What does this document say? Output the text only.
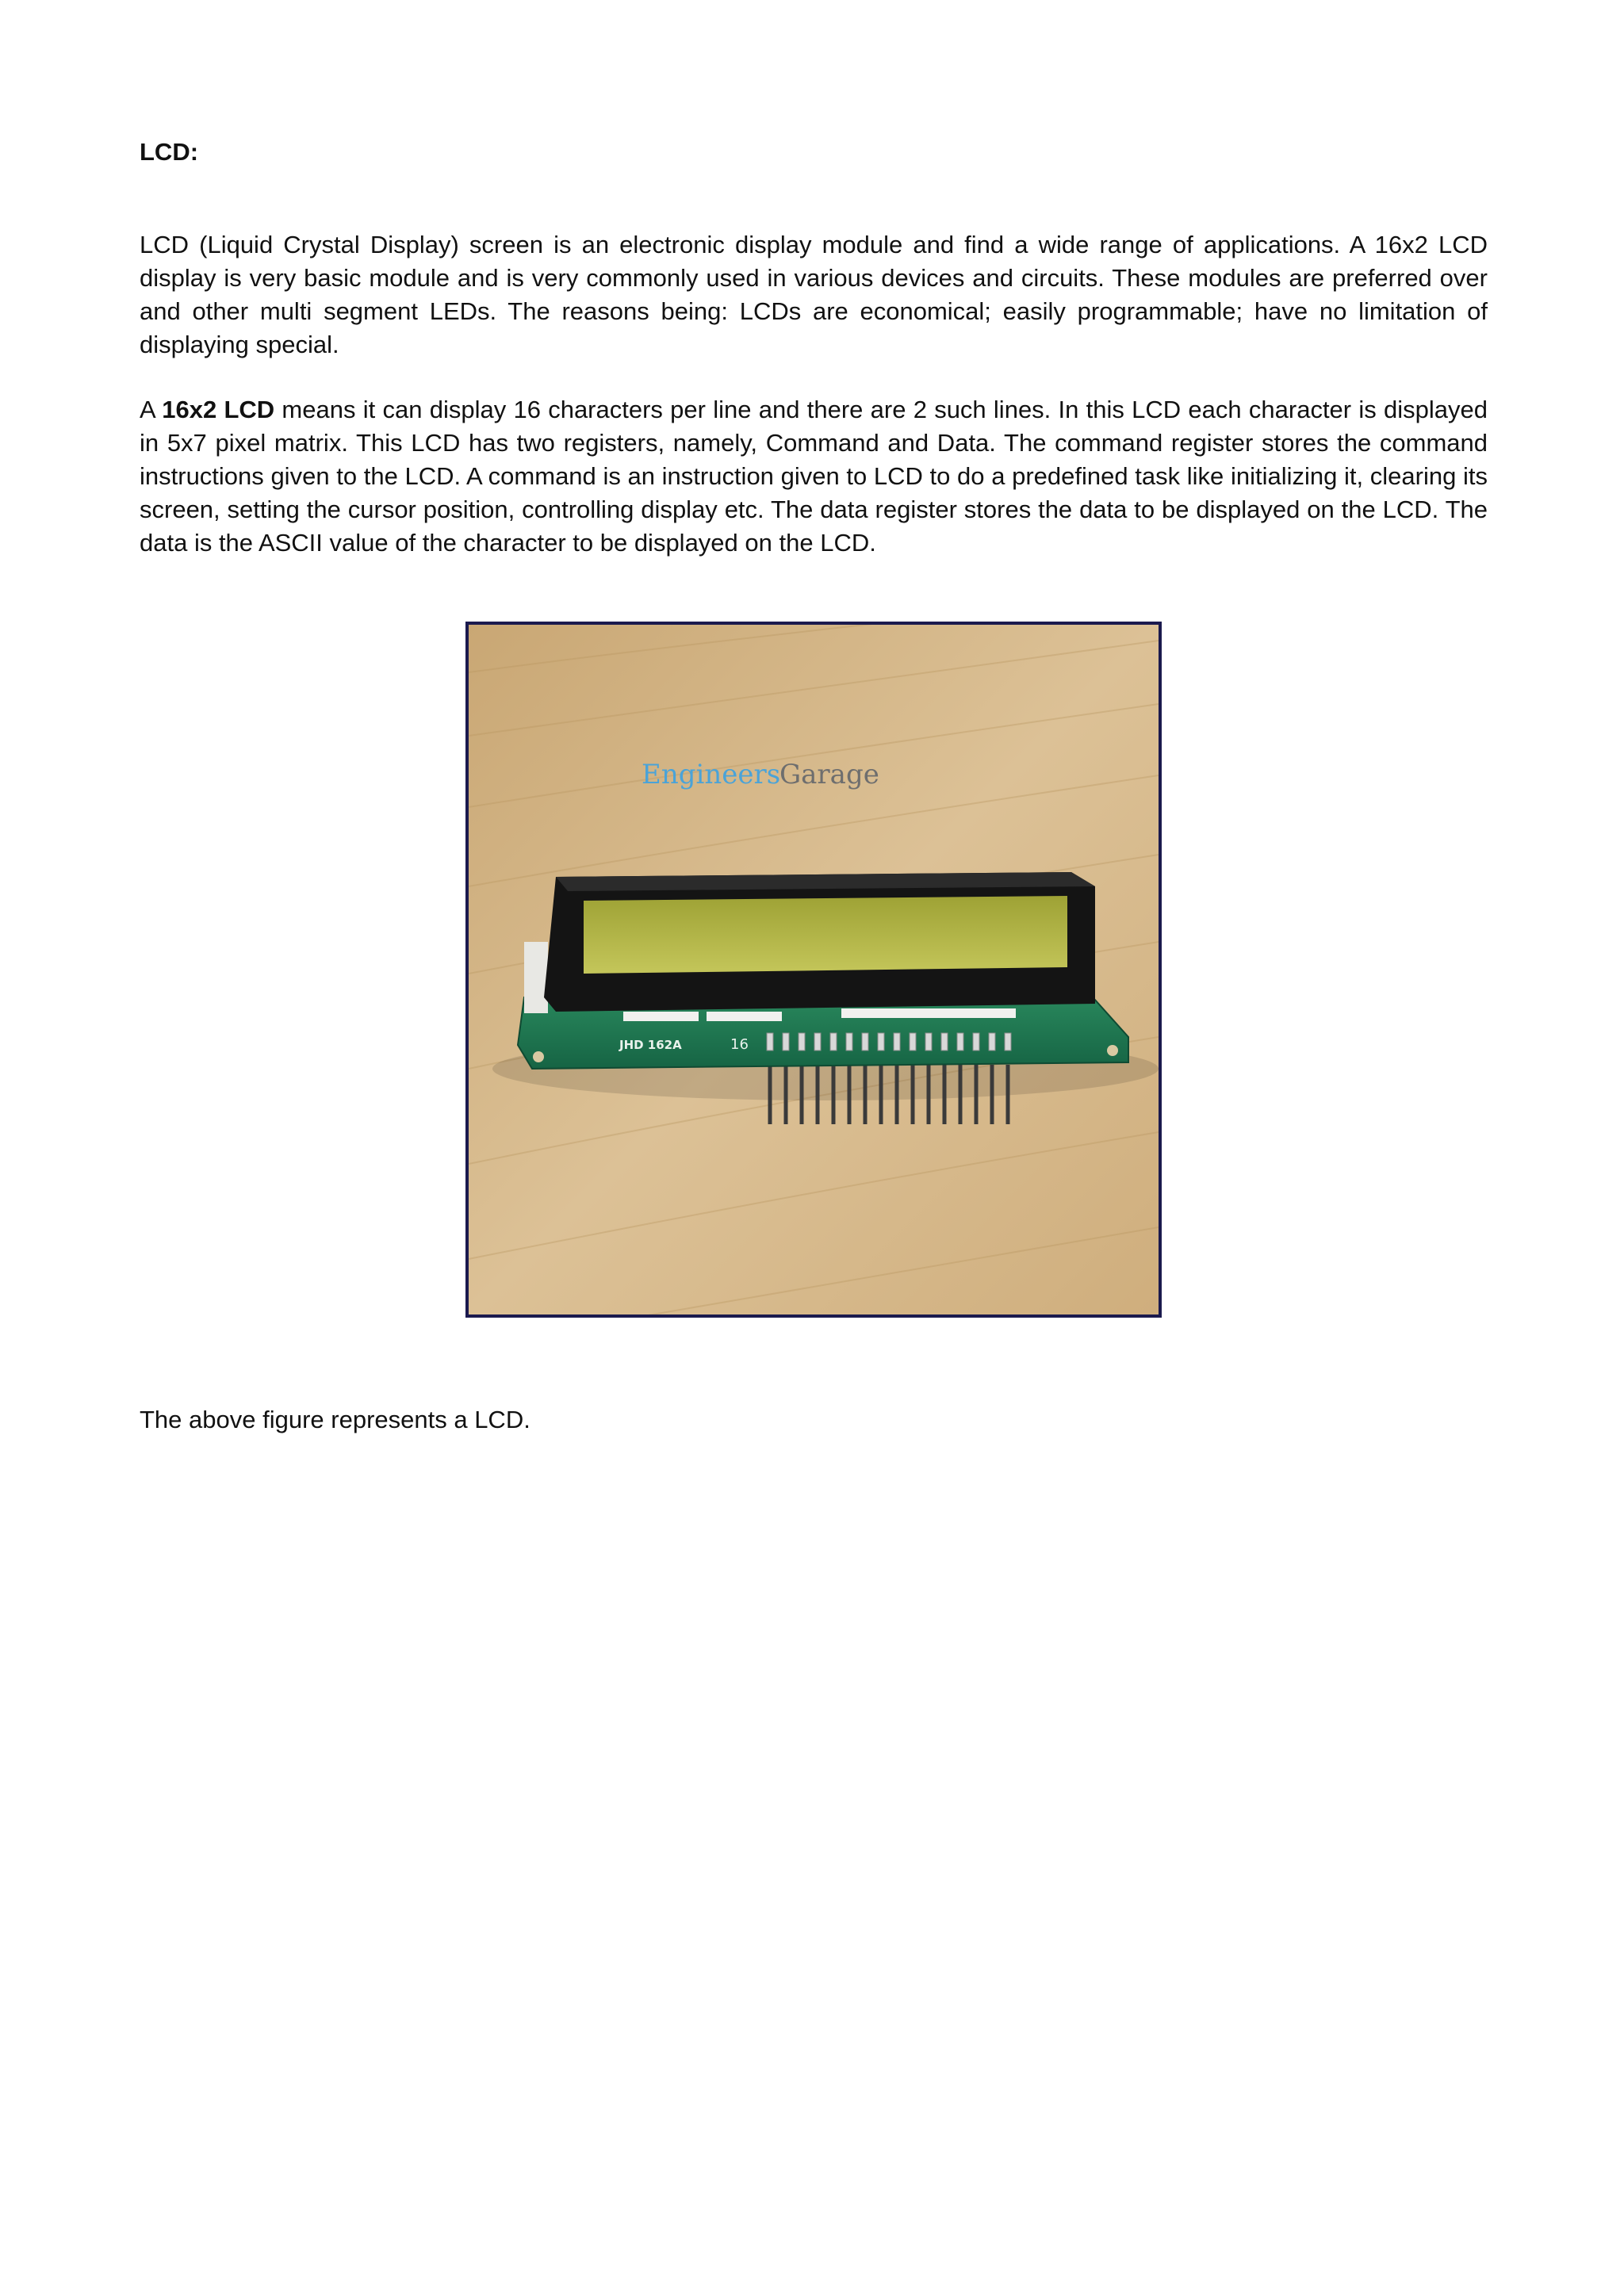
LCD:
LCD (Liquid Crystal Display) screen is an electronic display module and find a wide range of applications. A 16x2 LCD display is very basic module and is very commonly used in various devices and circuits. These modules are preferred over and other multi segment LEDs. The reasons being: LCDs are economical; easily programmable; have no limitation of displaying special.
A 16x2 LCD means it can display 16 characters per line and there are 2 such lines. In this LCD each character is displayed in 5x7 pixel matrix. This LCD has two registers, namely, Command and Data. The command register stores the command instructions given to the LCD. A command is an instruction given to LCD to do a predefined task like initializing it, clearing its screen, setting the cursor position, controlling display etc. The data register stores the data to be displayed on the LCD. The data is the ASCII value of the character to be displayed on the LCD.
Engineers
Garage
JHD 162A	16
The above figure represents a LCD.
